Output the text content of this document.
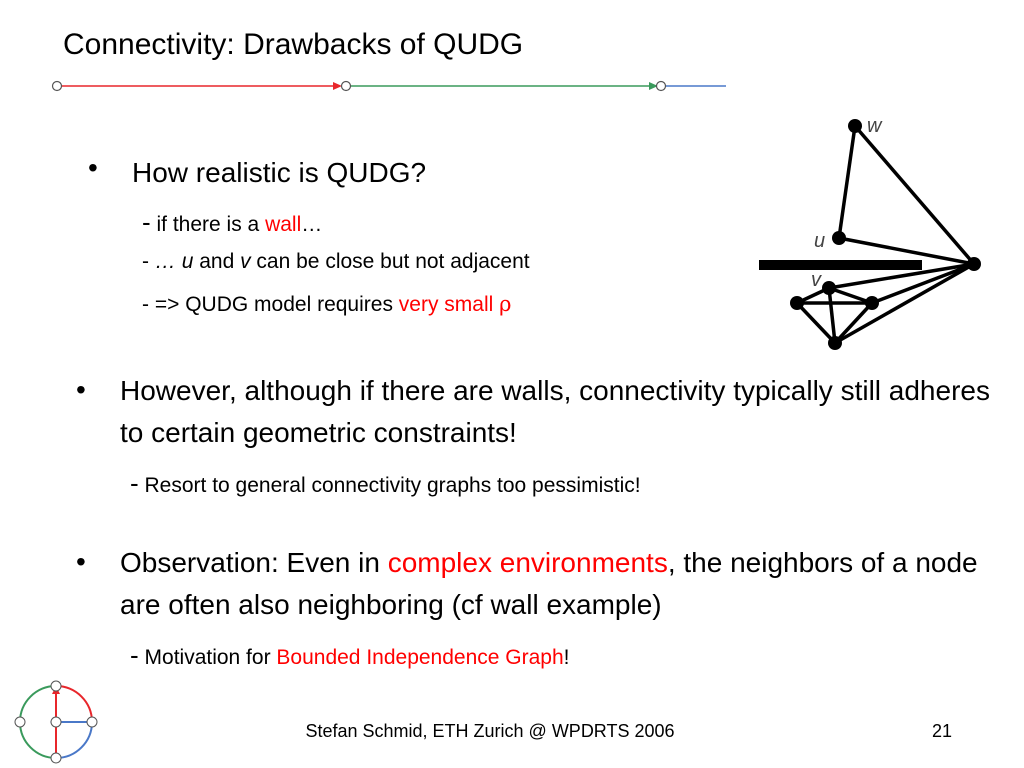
Connectivity: Drawbacks of QUDG
• How realistic is QUDG?
- if there is a wall…
- … u and v can be close but not adjacent
- => QUDG model requires very small ρ
w
u
v
• However, although if there are walls, connectivity typically still adheres to certain geometric constraints!
- Resort to general connectivity graphs too pessimistic!
• Observation: Even in complex environments, the neighbors of a node are often also neighboring (cf wall example)
- Motivation for Bounded Independence Graph!
Stefan Schmid, ETH Zurich @ WPDRTS 2006	21
